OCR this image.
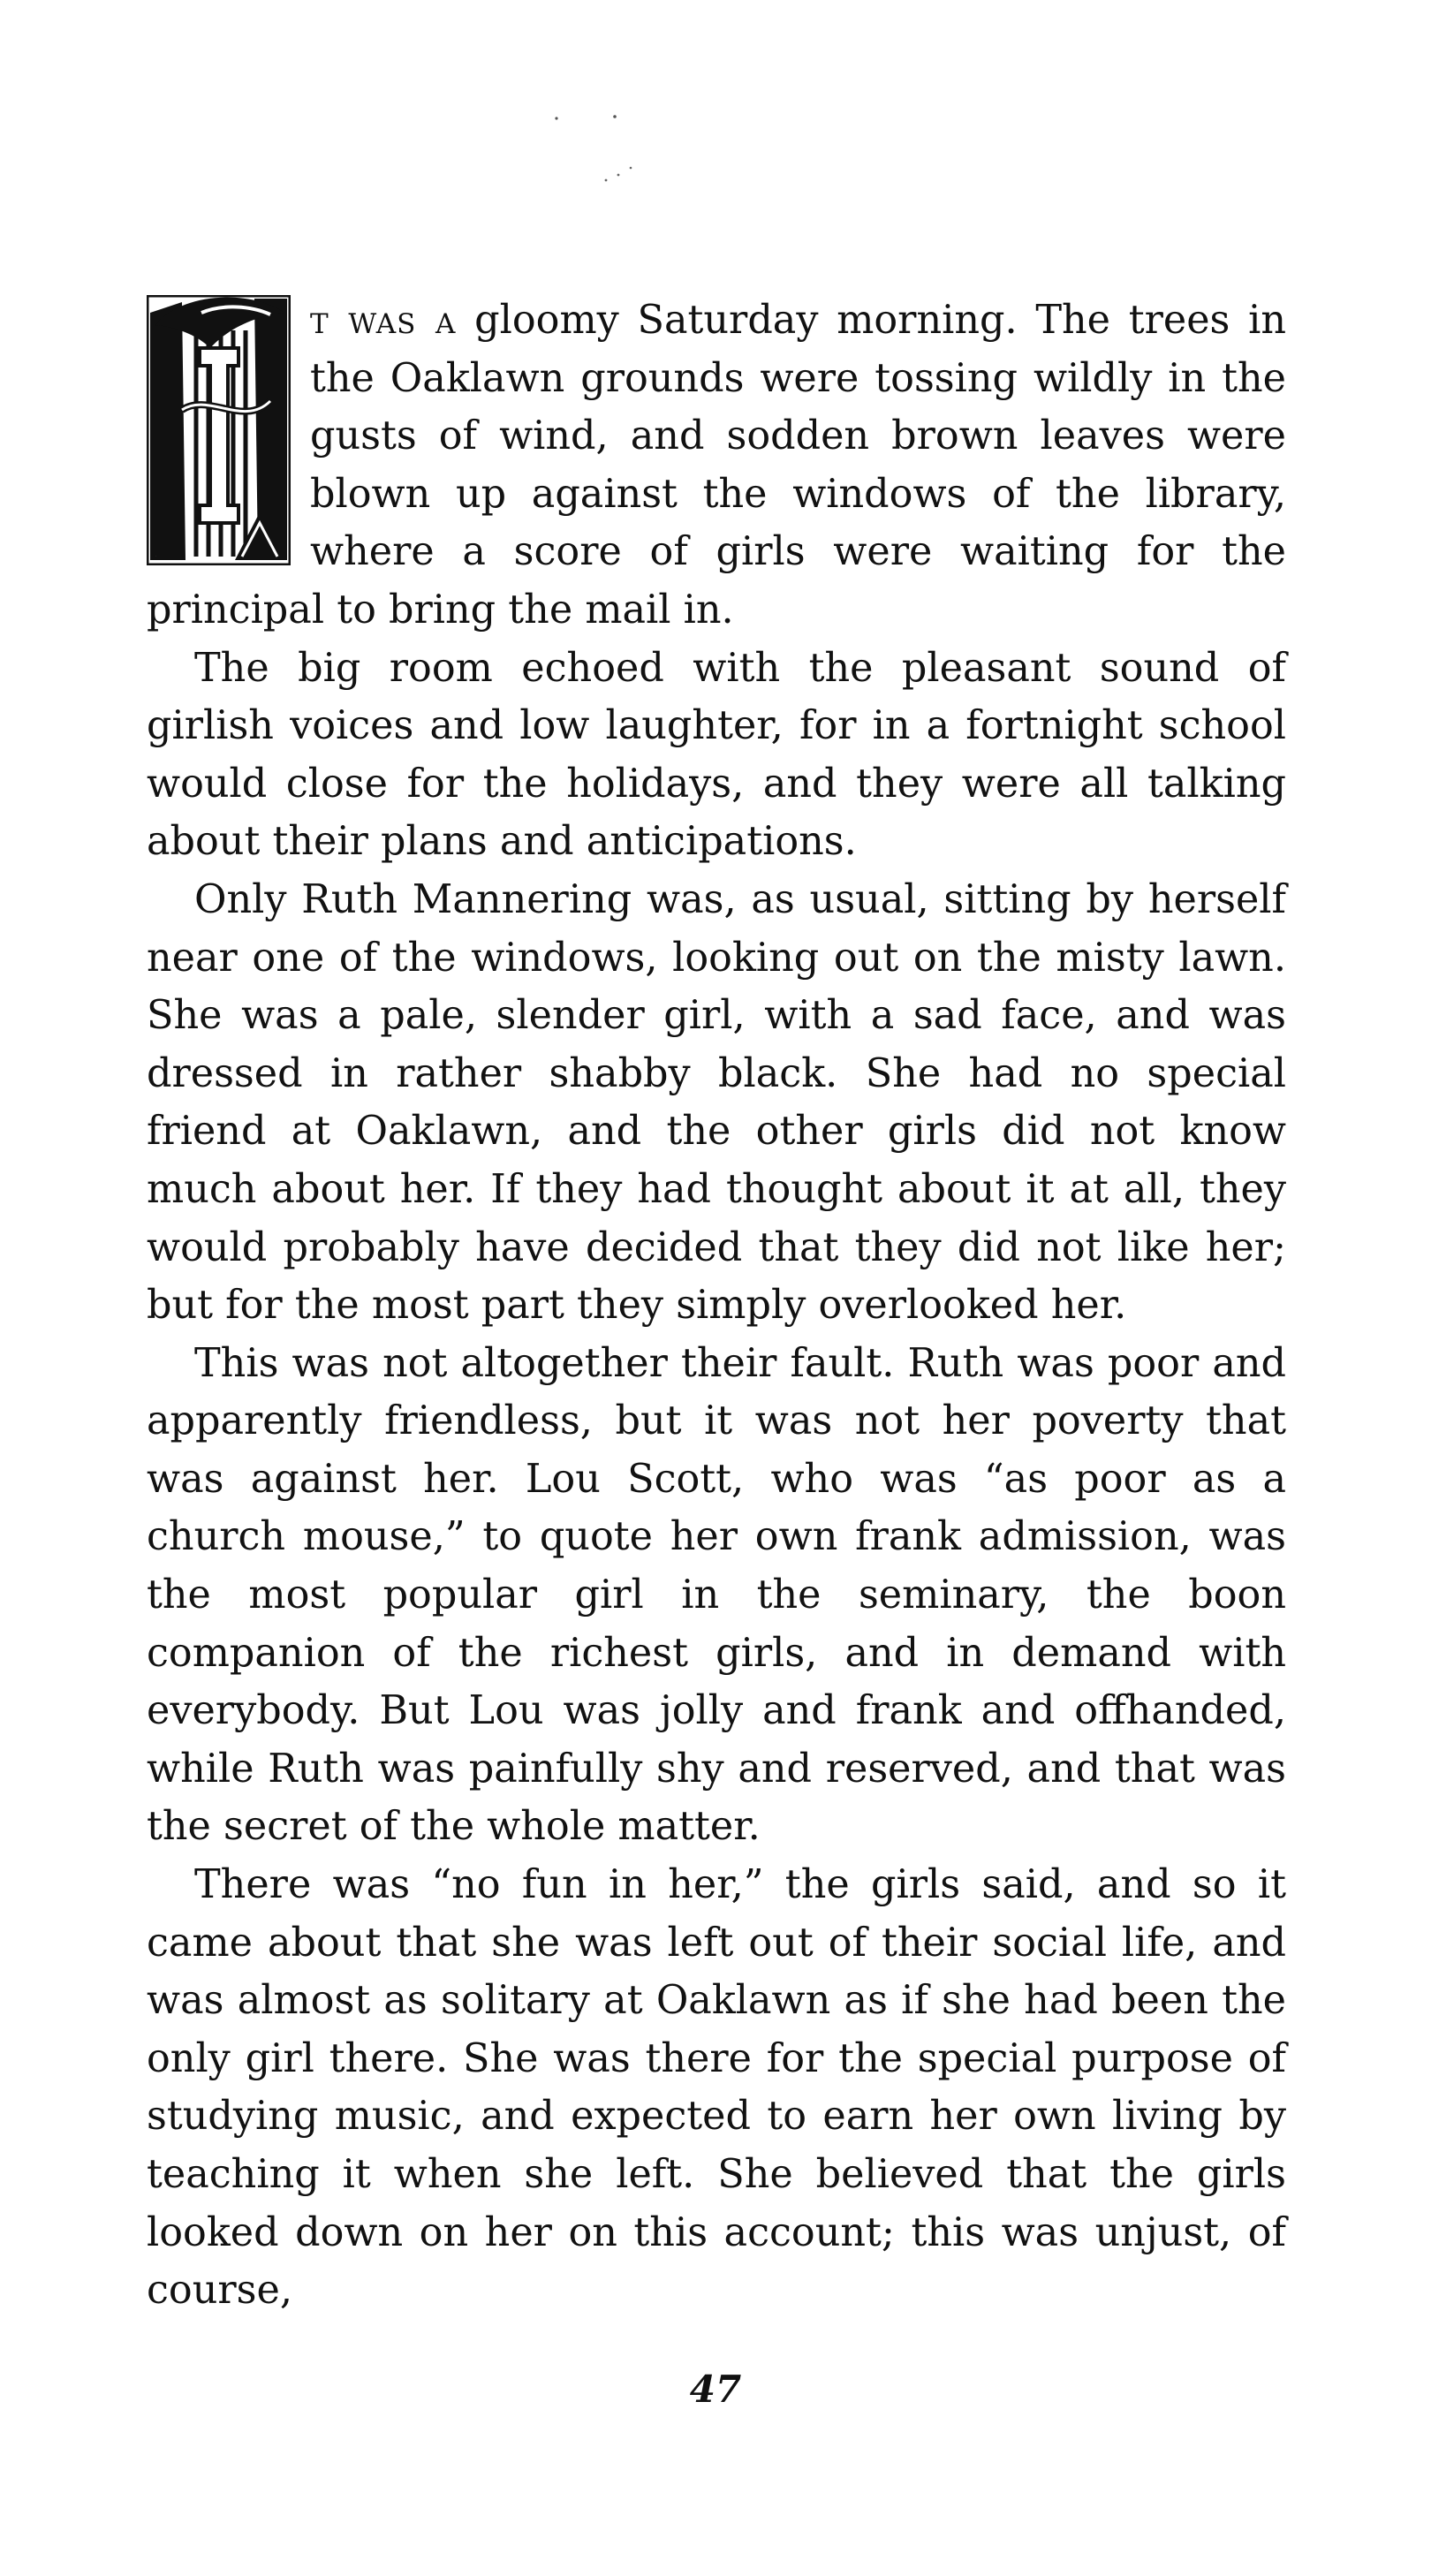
I
t was a gloomy Saturday morning. The trees in the Oaklawn grounds were tossing wildly in the gusts of wind, and sodden brown leaves were blown up against the windows of the library, where a score of girls were waiting for the principal to bring the mail in.

The big room echoed with the pleasant sound of girlish voices and low laughter, for in a fortnight school would close for the holidays, and they were all talking about their plans and anticipations.

Only Ruth Mannering was, as usual, sitting by herself near one of the windows, looking out on the misty lawn. She was a pale, slender girl, with a sad face, and was dressed in rather shabby black. She had no special friend at Oaklawn, and the other girls did not know much about her. If they had thought about it at all, they would probably have decided that they did not like her; but for the most part they simply overlooked her.

This was not altogether their fault. Ruth was poor and apparently friendless, but it was not her poverty that was against her. Lou Scott, who was “as poor as a church mouse,” to quote her own frank admission, was the most popular girl in the seminary, the boon companion of the richest girls, and in demand with everybody. But Lou was jolly and frank and offhanded, while Ruth was painfully shy and reserved, and that was the secret of the whole matter.

There was “no fun in her,” the girls said, and so it came about that she was left out of their social life, and was almost as solitary at Oaklawn as if she had been the only girl there. She was there for the special purpose of studying music, and expected to earn her own living by teaching it when she left. She believed that the girls looked down on her on this account; this was unjust, of course,

47
